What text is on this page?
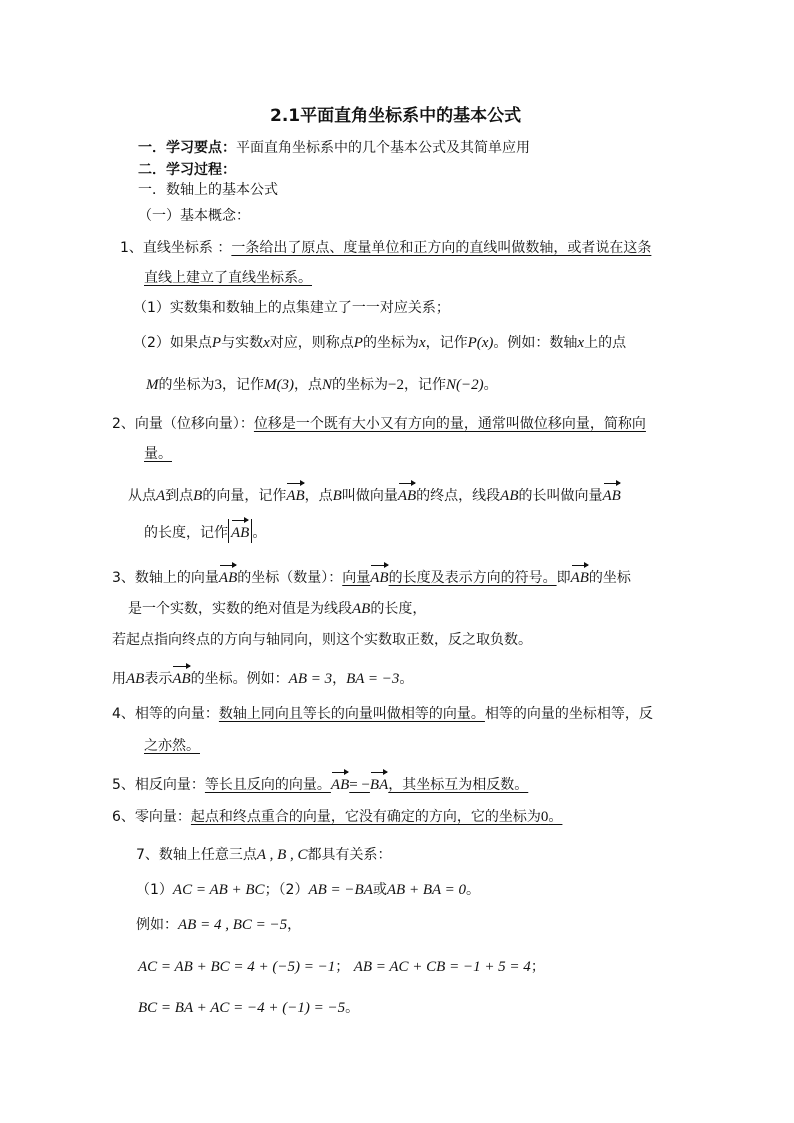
2.1平面直角坐标系中的基本公式
一．学习要点：平面直角坐标系中的几个基本公式及其简单应用
二．学习过程：
一．数轴上的基本公式
（一）基本概念：
1、直线坐标系 ：一条给出了原点、度量单位和正方向的直线叫做数轴，或者说在这条
直线上建立了直线坐标系。
（1）实数集和数轴上的点集建立了一一对应关系；
（2）如果点P与实数x对应，则称点P的坐标为x，记作P(x)。例如：数轴x上的点
M的坐标为3，记作M(3)，点N的坐标为−2，记作N(−2)。
2、向量（位移向量）：位移是一个既有大小又有方向的量，通常叫做位移向量，简称向
量。
从点A到点B的向量，记作AB，点B叫做向量AB的终点，线段AB的长叫做向量AB
的长度，记作 AB 。
3、数轴上的向量AB的坐标（数量）：向量AB的长度及表示方向的符号。即AB的坐标
是一个实数，实数的绝对值是为线段AB的长度，
若起点指向终点的方向与轴同向，则这个实数取正数，反之取负数。
用AB表示AB的坐标。例如：AB = 3，BA = −3。
4、相等的向量：数轴上同向且等长的向量叫做相等的向量。相等的向量的坐标相等，反
之亦然。
5、相反向量：等长且反向的向量。AB= −BA，其坐标互为相反数。
6、零向量：起点和终点重合的向量，它没有确定的方向，它的坐标为0。
7、数轴上任意三点A , B , C都具有关系：
（1）AC = AB + BC；（2）AB = −BA或AB + BA = 0。
例如：AB = 4 , BC = −5，
AC = AB + BC = 4 + (−5) = −1； AB = AC + CB = −1 + 5 = 4；
BC = BA + AC = −4 + (−1) = −5。
